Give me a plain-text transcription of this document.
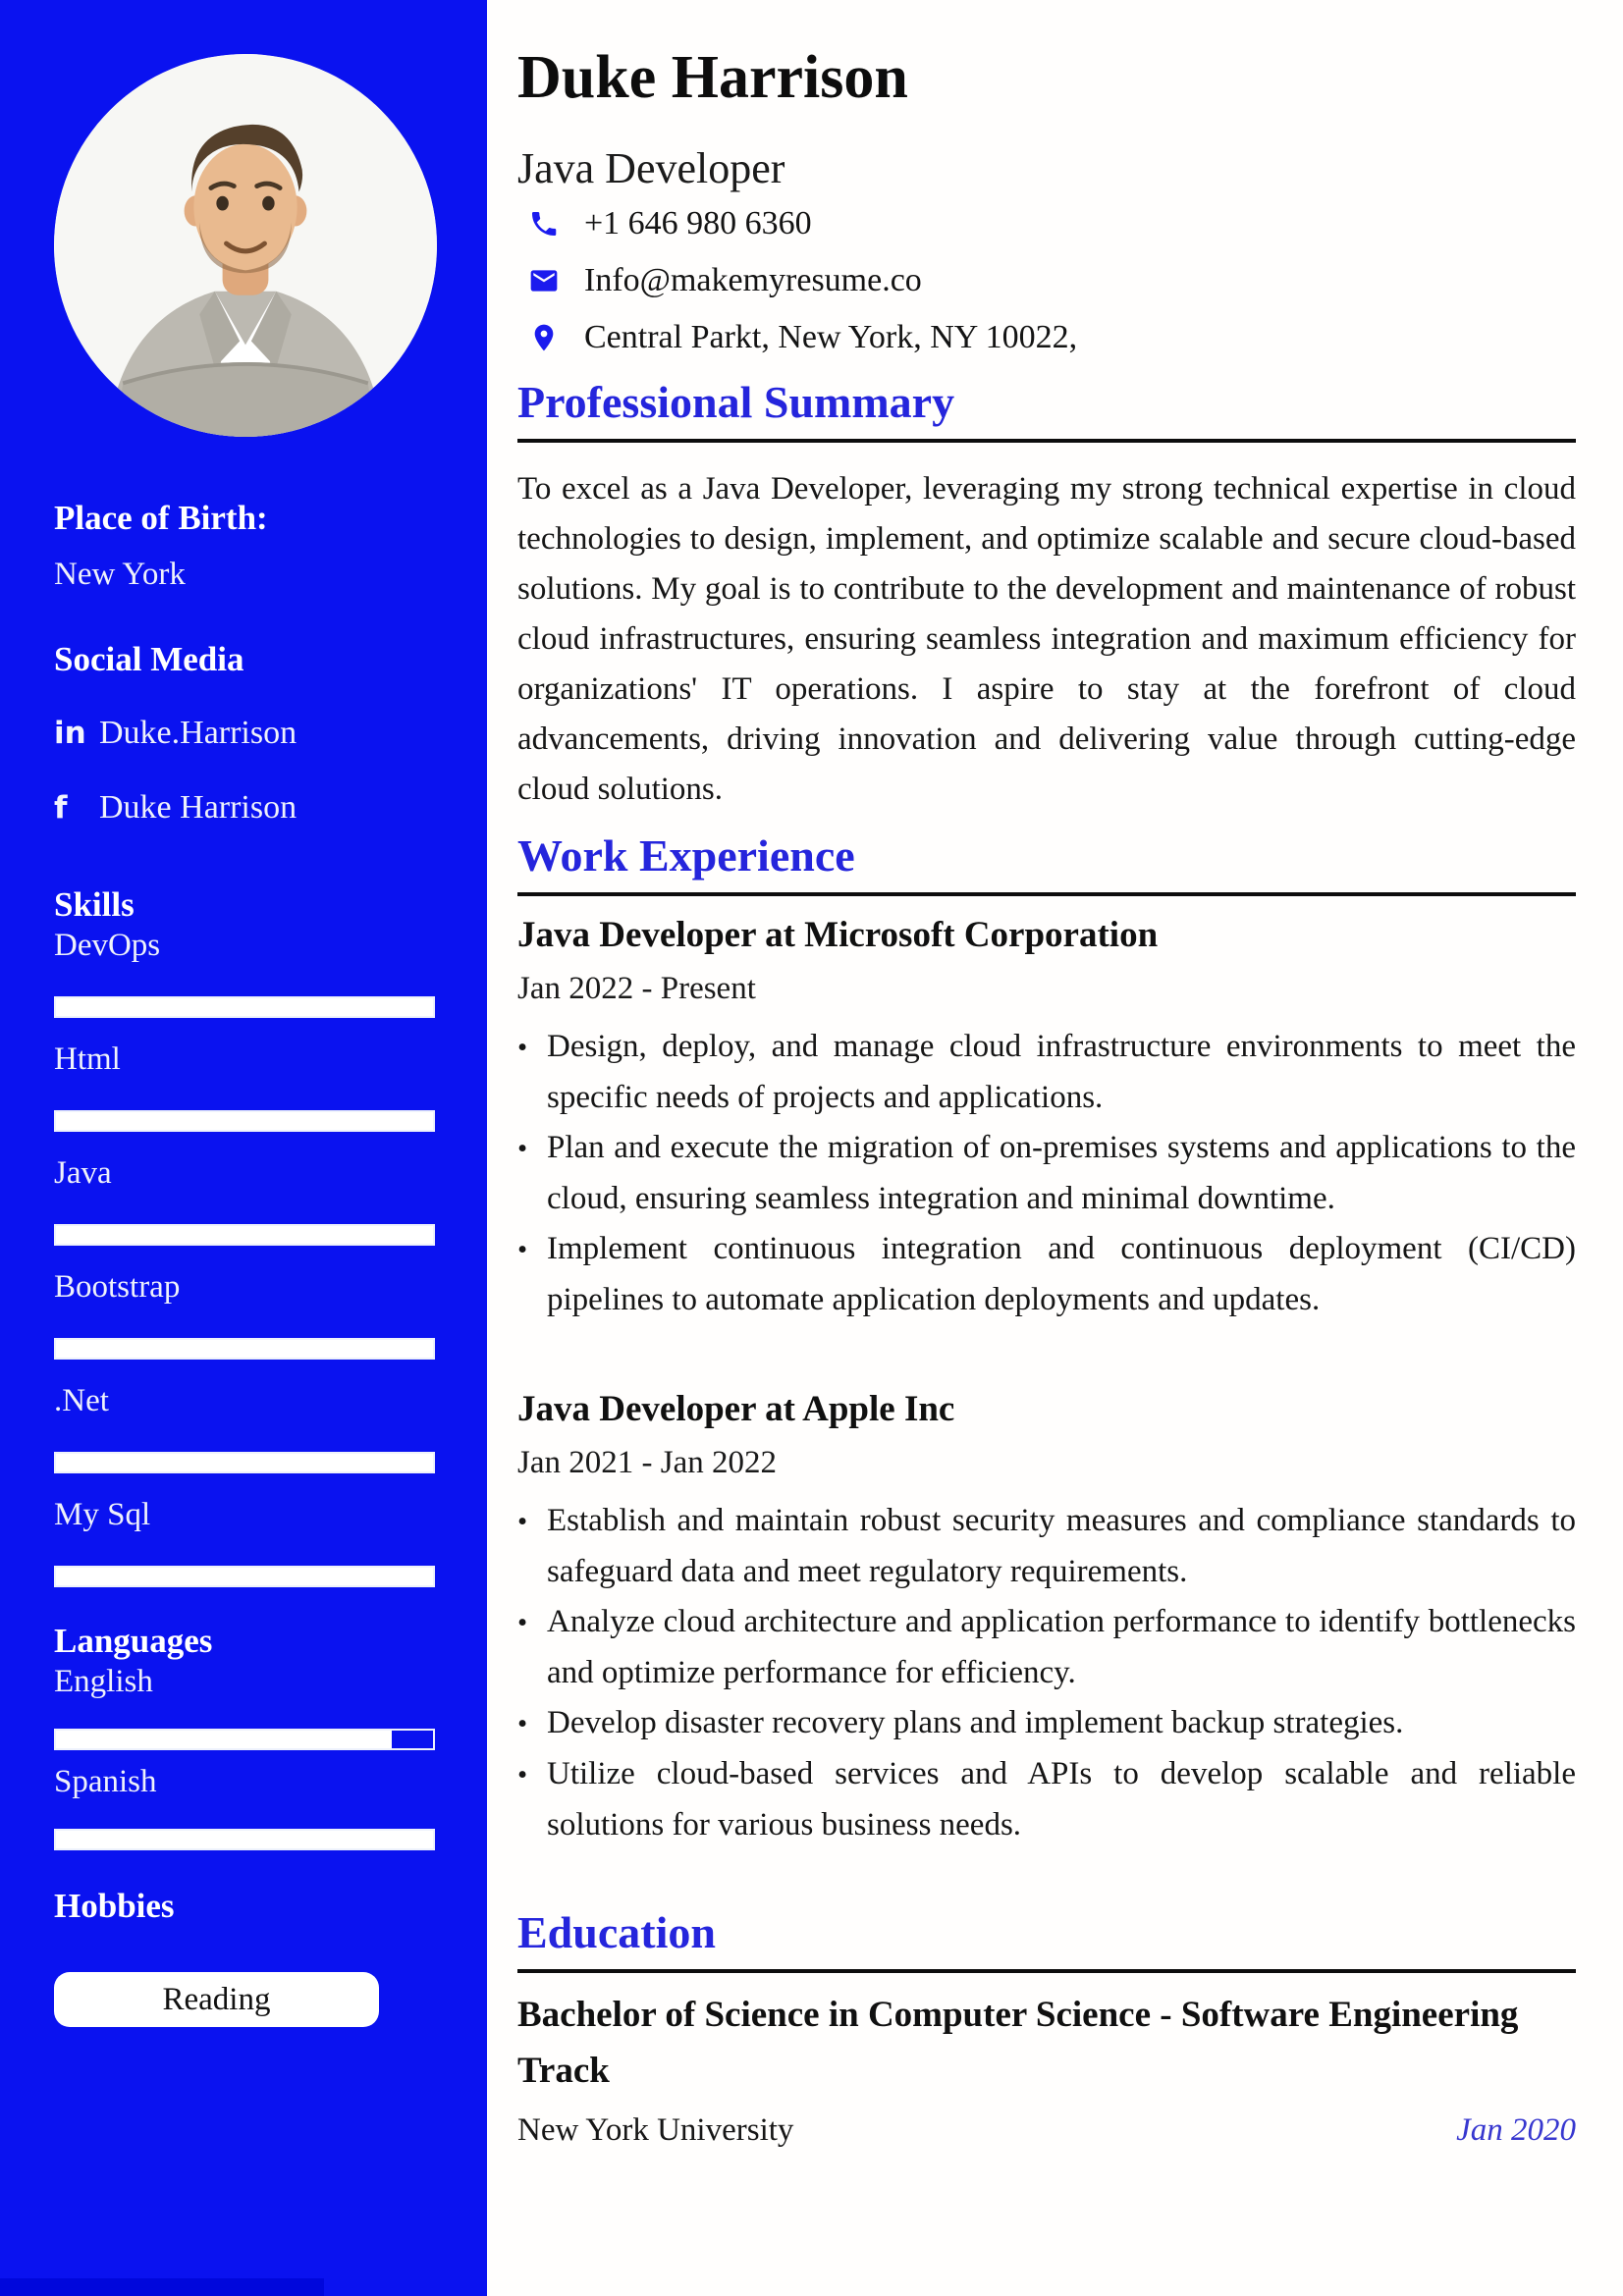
Place of Birth:

New York

Social Media
in Duke.Harrison
f Duke Harrison
Skills
DevOps
Html
Java
Bootstrap
.Net
My Sql
Languages
English
Spanish
Hobbies
Reading
Duke Harrison
Java Developer
+1 646 980 6360
Info@makemyresume.co
Central Parkt, New York, NY 10022,
Professional Summary

To excel as a Java Developer, leveraging my strong technical expertise in cloud technologies to design, implement, and optimize scalable and secure cloud-based solutions. My goal is to contribute to the development and maintenance of robust cloud infrastructures, ensuring seamless integration and maximum efficiency for organizations' IT operations. I aspire to stay at the forefront of cloud advancements, driving innovation and delivering value through cutting-edge cloud solutions.

Work Experience
Java Developer at Microsoft Corporation
Jan 2022 - Present
• Design, deploy, and manage cloud infrastructure environments to meet the specific needs of projects and applications.
• Plan and execute the migration of on-premises systems and applications to the cloud, ensuring seamless integration and minimal downtime.
• Implement continuous integration and continuous deployment (CI/CD) pipelines to automate application deployments and updates.
Java Developer at Apple Inc
Jan 2021 - Jan 2022
• Establish and maintain robust security measures and compliance standards to safeguard data and meet regulatory requirements.
• Analyze cloud architecture and application performance to identify bottlenecks and optimize performance for efficiency.
• Develop disaster recovery plans and implement backup strategies.
• Utilize cloud-based services and APIs to develop scalable and reliable solutions for various business needs.
Education
Bachelor of Science in Computer Science - Software Engineering Track
New York University	Jan 2020
